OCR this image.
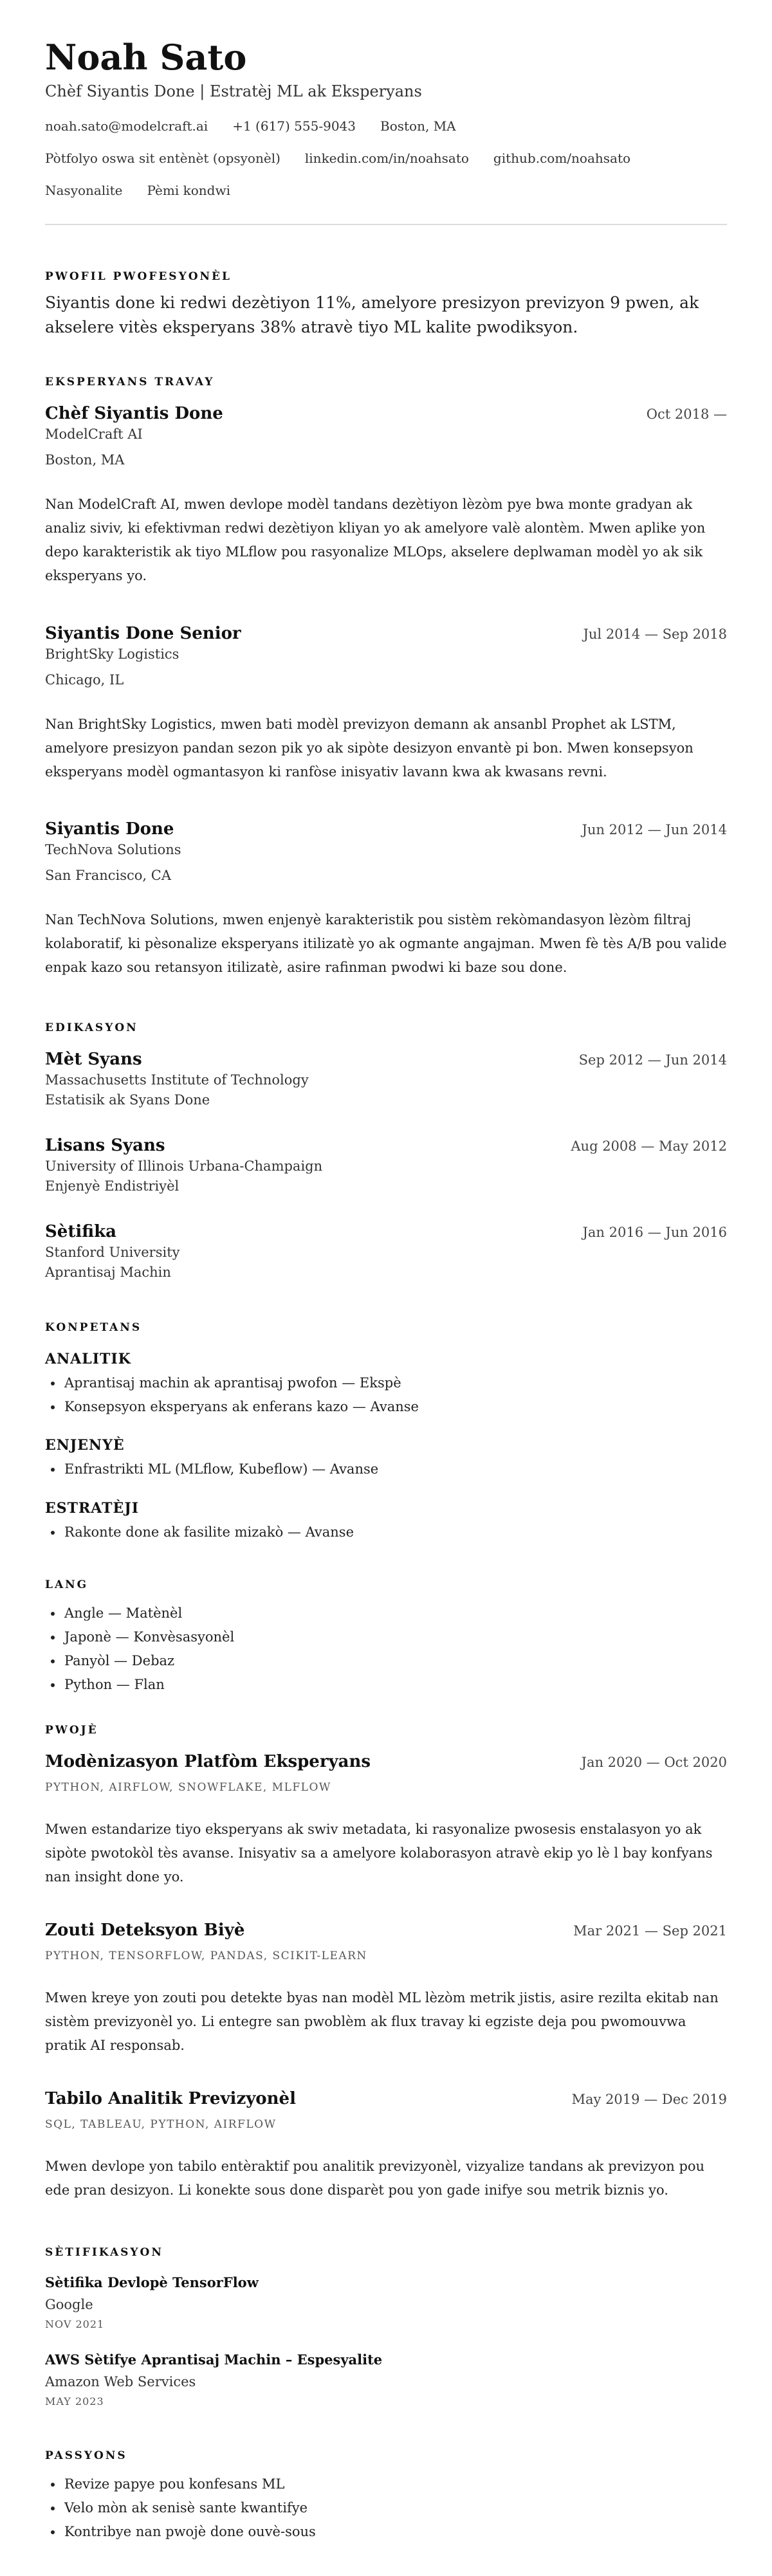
Noah Sato
Chèf Siyantis Done | Estratèj ML ak Eksperyans
noah.sato@modelcraft.ai +1 (617) 555-9043 Boston, MA
Pòtfolyo oswa sit entènèt (opsyonèl) linkedin.com/in/noahsato github.com/noahsato
Nasyonalite Pèmi kondwi
PWOFIL PWOFESYONÈL
Siyantis done ki redwi dezètiyon 11%, amelyore presizyon previzyon 9 pwen, ak akselere vitès eksperyans 38% atravè tiyo ML kalite pwodiksyon.
EKSPERYANS TRAVAY
Chèf Siyantis Done	Oct 2018 —
ModelCraft AI
Boston, MA
Nan ModelCraft AI, mwen devlope modèl tandans dezètiyon lèzòm pye bwa monte gradyan ak analiz siviv, ki efektivman redwi dezètiyon kliyan yo ak amelyore valè alontèm. Mwen aplike yon depo karakteristik ak tiyo MLflow pou rasyonalize MLOps, akselere deplwaman modèl yo ak sik eksperyans yo.
Siyantis Done Senior	Jul 2014 — Sep 2018
BrightSky Logistics
Chicago, IL
Nan BrightSky Logistics, mwen bati modèl previzyon demann ak ansanbl Prophet ak LSTM, amelyore presizyon pandan sezon pik yo ak sipòte desizyon envantè pi bon. Mwen konsepsyon eksperyans modèl ogmantasyon ki ranfòse inisyativ lavann kwa ak kwasans revni.
Siyantis Done	Jun 2012 — Jun 2014
TechNova Solutions
San Francisco, CA
Nan TechNova Solutions, mwen enjenyè karakteristik pou sistèm rekòmandasyon lèzòm filtraj kolaboratif, ki pèsonalize eksperyans itilizatè yo ak ogmante angajman. Mwen fè tès A/B pou valide enpak kazo sou retansyon itilizatè, asire rafinman pwodwi ki baze sou done.
EDIKASYON
Mèt Syans	Sep 2012 — Jun 2014
Massachusetts Institute of Technology
Estatisik ak Syans Done
Lisans Syans	Aug 2008 — May 2012
University of Illinois Urbana-Champaign
Enjenyè Endistriyèl
Sètifika	Jan 2016 — Jun 2016
Stanford University
Aprantisaj Machin
KONPETANS
ANALITIK
• Aprantisaj machin ak aprantisaj pwofon — Ekspè
• Konsepsyon eksperyans ak enferans kazo — Avanse
ENJENYÈ
• Enfrastrikti ML (MLflow, Kubeflow) — Avanse
ESTRATÈJI
• Rakonte done ak fasilite mizakò — Avanse
LANG
• Angle — Matènèl
• Japonè — Konvèsasyonèl
• Panyòl — Debaz
• Python — Flan
PWOJÈ
Modènizasyon Platfòm Eksperyans	Jan 2020 — Oct 2020
PYTHON, AIRFLOW, SNOWFLAKE, MLFLOW
Mwen estandarize tiyo eksperyans ak swiv metadata, ki rasyonalize pwosesis enstalasyon yo ak sipòte pwotokòl tès avanse. Inisyativ sa a amelyore kolaborasyon atravè ekip yo lè l bay konfyans nan insight done yo.
Zouti Deteksyon Biyè	Mar 2021 — Sep 2021
PYTHON, TENSORFLOW, PANDAS, SCIKIT-LEARN
Mwen kreye yon zouti pou detekte byas nan modèl ML lèzòm metrik jistis, asire rezilta ekitab nan sistèm previzyonèl yo. Li entegre san pwoblèm ak flux travay ki egziste deja pou pwomouvwa pratik AI responsab.
Tabilo Analitik Previzyonèl	May 2019 — Dec 2019
SQL, TABLEAU, PYTHON, AIRFLOW
Mwen devlope yon tabilo entèraktif pou analitik previzyonèl, vizyalize tandans ak previzyon pou ede pran desizyon. Li konekte sous done disparèt pou yon gade inifye sou metrik biznis yo.
SÈTIFIKASYON
Sètifika Devlopè TensorFlow
Google
NOV 2021
AWS Sètifye Aprantisaj Machin – Espesyalite
Amazon Web Services
MAY 2023
PASSYONS
• Revize papye pou konfesans ML
• Velo mòn ak senisè sante kwantifye
• Kontribye nan pwojè done ouvè-sous
